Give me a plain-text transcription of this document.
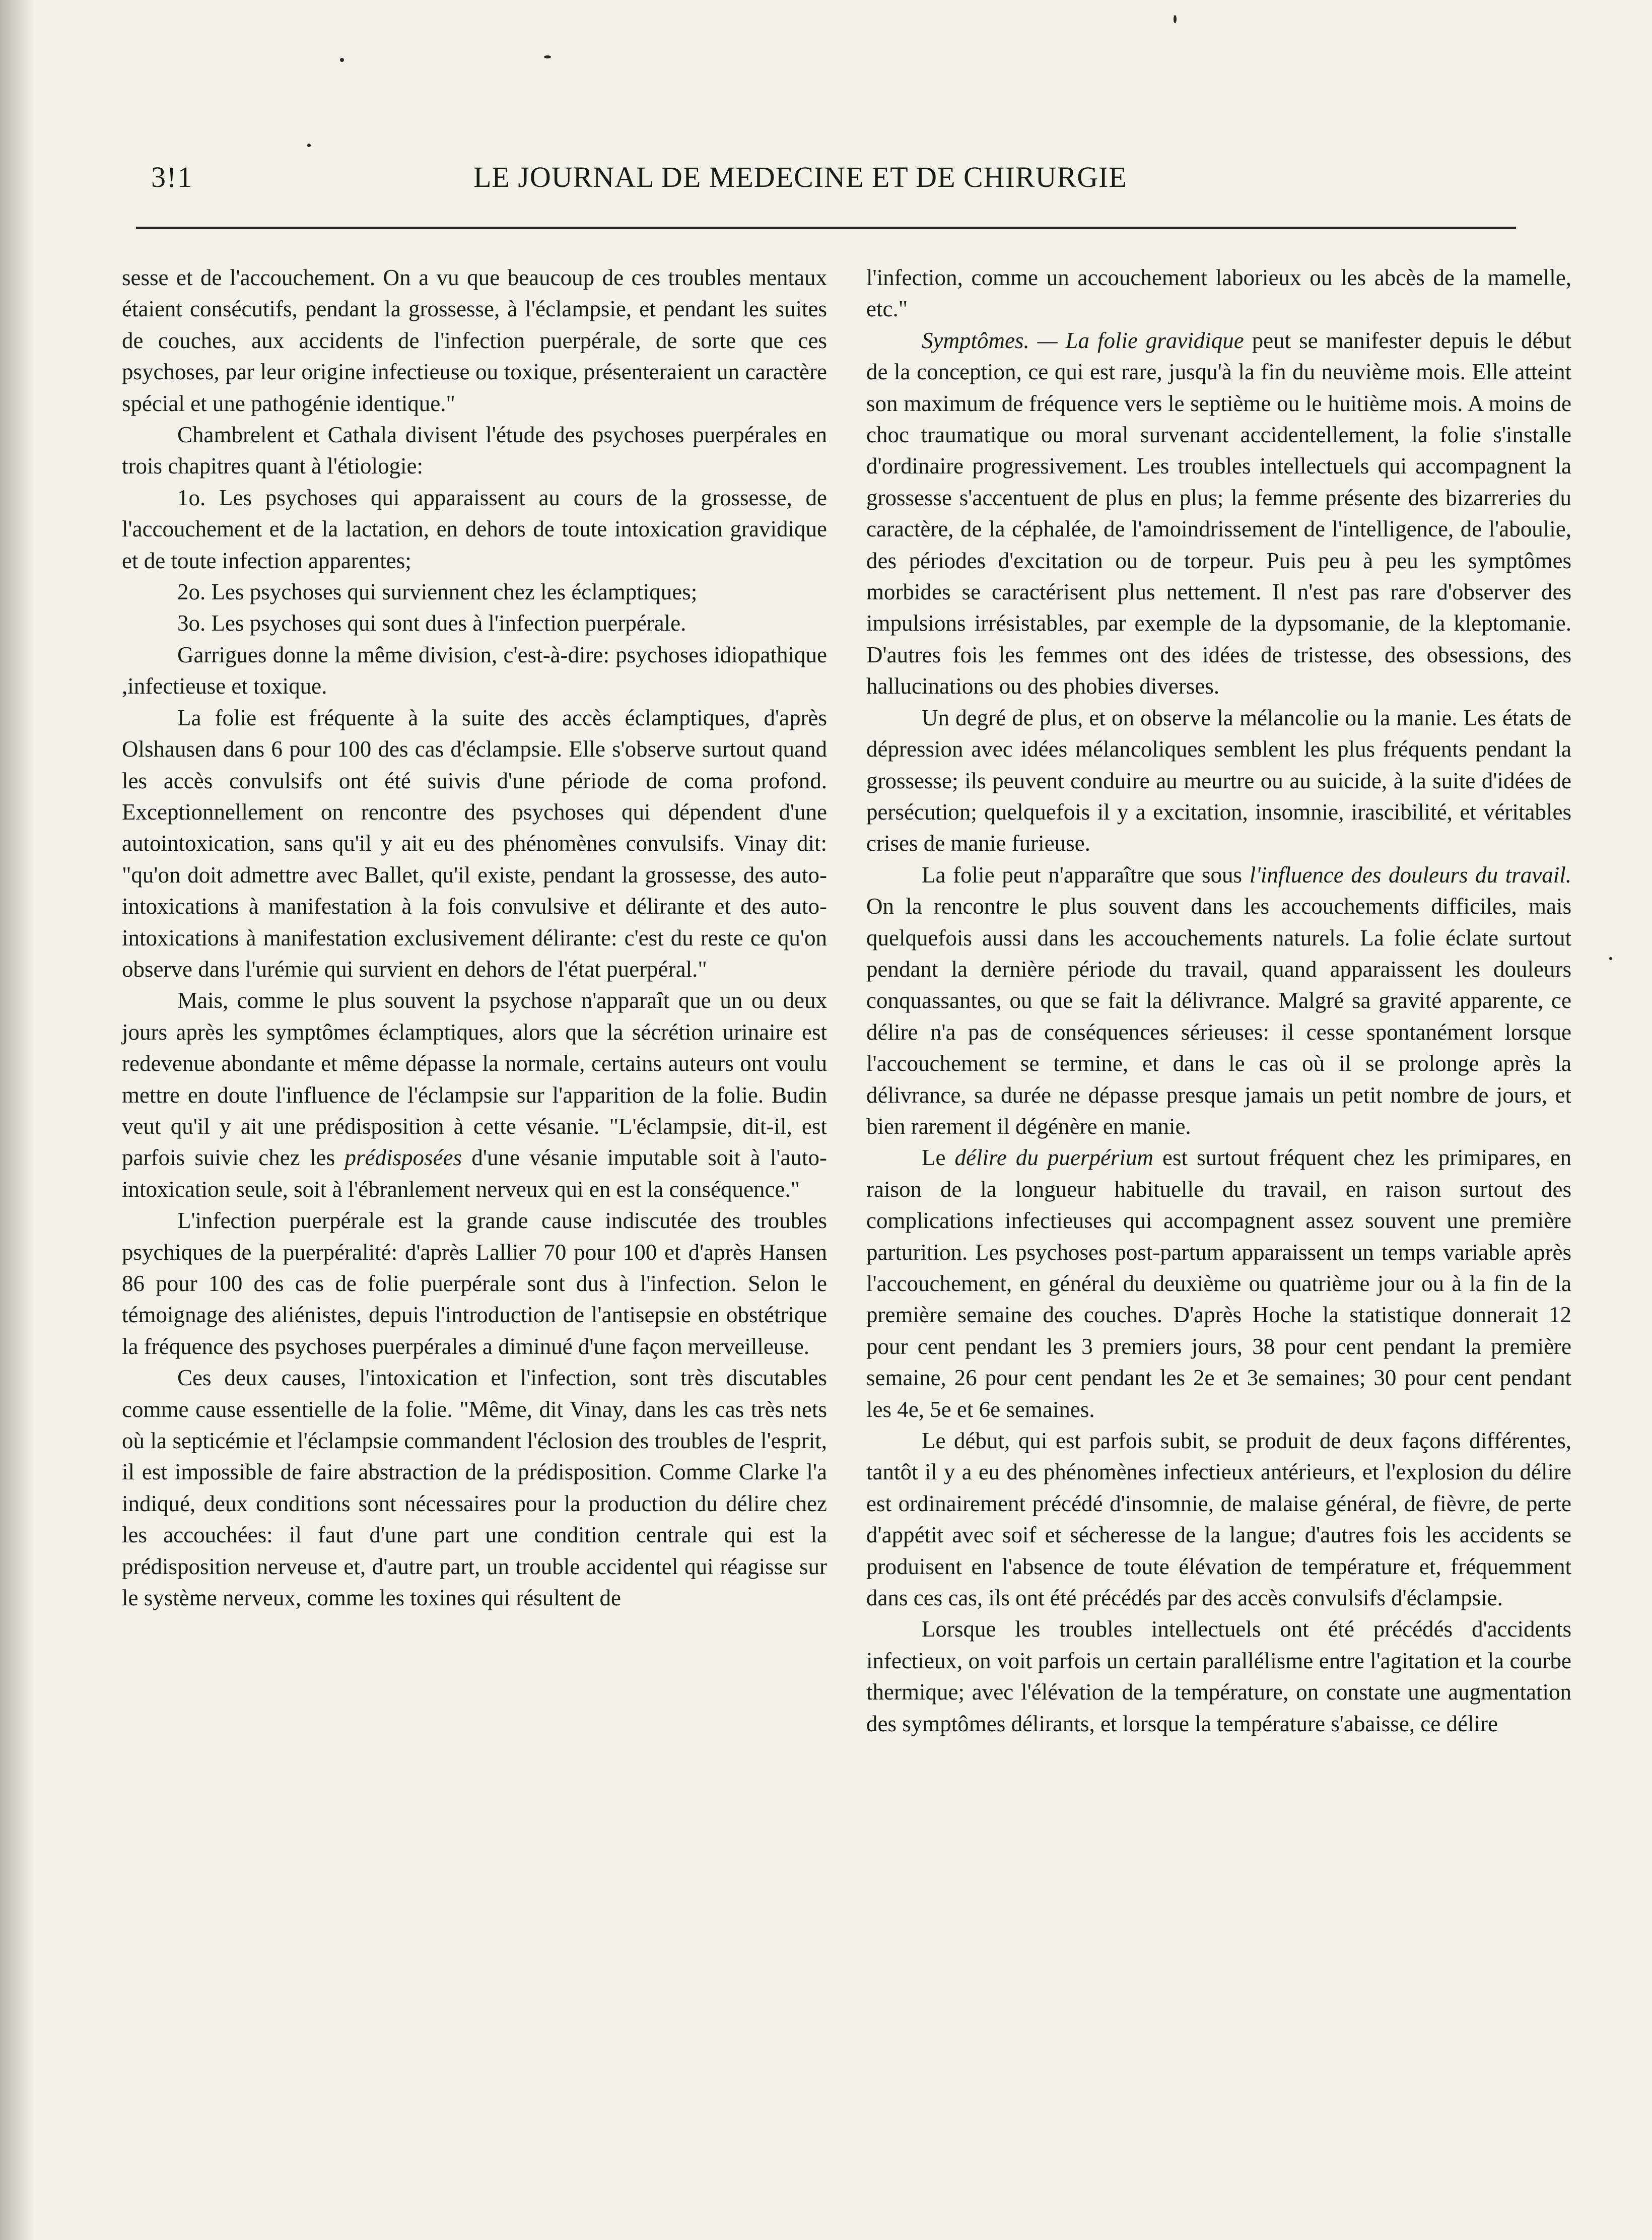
3!1	LE JOURNAL DE MEDECINE ET DE CHIRURGIE

sesse et de l'accouchement. On a vu que beaucoup de ces troubles mentaux étaient consécutifs, pendant la grossesse, à l'éclampsie, et pendant les suites de couches, aux accidents de l'infection puerpérale, de sorte que ces psychoses, par leur origine infectieuse ou toxique, présenteraient un caractère spécial et une pathogénie identique."

Chambrelent et Cathala divisent l'étude des psychoses puerpérales en trois chapitres quant à l'étiologie:

1o. Les psychoses qui apparaissent au cours de la grossesse, de l'accouchement et de la lactation, en dehors de toute intoxication gravidique et de toute infection apparentes;

2o. Les psychoses qui surviennent chez les éclamptiques;

3o. Les psychoses qui sont dues à l'infection puerpérale.

Garrigues donne la même division, c'est-à-dire: psychoses idiopathique ,infectieuse et toxique.

La folie est fréquente à la suite des accès éclamptiques, d'après Olshausen dans 6 pour 100 des cas d'éclampsie. Elle s'observe surtout quand les accès convulsifs ont été suivis d'une période de coma profond. Exceptionnellement on rencontre des psychoses qui dépendent d'une autointoxication, sans qu'il y ait eu des phénomènes convulsifs. Vinay dit: "qu'on doit admettre avec Ballet, qu'il existe, pendant la grossesse, des auto-intoxications à manifestation à la fois convulsive et délirante et des auto-intoxications à manifestation exclusivement délirante: c'est du reste ce qu'on observe dans l'urémie qui survient en dehors de l'état puerpéral."

Mais, comme le plus souvent la psychose n'apparaît que un ou deux jours après les symptômes éclamptiques, alors que la sécrétion urinaire est redevenue abondante et même dépasse la normale, certains auteurs ont voulu mettre en doute l'influence de l'éclampsie sur l'apparition de la folie. Budin veut qu'il y ait une prédisposition à cette vésanie. "L'éclampsie, dit-il, est parfois suivie chez les prédisposées d'une vésanie imputable soit à l'auto-intoxication seule, soit à l'ébranlement nerveux qui en est la conséquence."

L'infection puerpérale est la grande cause indiscutée des troubles psychiques de la puerpéralité: d'après Lallier 70 pour 100 et d'après Hansen 86 pour 100 des cas de folie puerpérale sont dus à l'infection. Selon le témoignage des aliénistes, depuis l'introduction de l'antisepsie en obstétrique la fréquence des psychoses puerpérales a diminué d'une façon merveilleuse.

Ces deux causes, l'intoxication et l'infection, sont très discutables comme cause essentielle de la folie. "Même, dit Vinay, dans les cas très nets où la septicémie et l'éclampsie commandent l'éclosion des troubles de l'esprit, il est impossible de faire abstraction de la prédisposition. Comme Clarke l'a indiqué, deux conditions sont nécessaires pour la production du délire chez les accouchées: il faut d'une part une condition centrale qui est la prédisposition nerveuse et, d'autre part, un trouble accidentel qui réagisse sur le système nerveux, comme les toxines qui résultent de

l'infection, comme un accouchement laborieux ou les abcès de la mamelle, etc."

Symptômes. — La folie gravidique peut se manifester depuis le début de la conception, ce qui est rare, jusqu'à la fin du neuvième mois. Elle atteint son maximum de fréquence vers le septième ou le huitième mois. A moins de choc traumatique ou moral survenant accidentellement, la folie s'installe d'ordinaire progressivement. Les troubles intellectuels qui accompagnent la grossesse s'accentuent de plus en plus; la femme présente des bizarreries du caractère, de la céphalée, de l'amoindrissement de l'intelligence, de l'aboulie, des périodes d'excitation ou de torpeur. Puis peu à peu les symptômes morbides se caractérisent plus nettement. Il n'est pas rare d'observer des impulsions irrésistables, par exemple de la dypsomanie, de la kleptomanie. D'autres fois les femmes ont des idées de tristesse, des obsessions, des hallucinations ou des phobies diverses.

Un degré de plus, et on observe la mélancolie ou la manie. Les états de dépression avec idées mélancoliques semblent les plus fréquents pendant la grossesse; ils peuvent conduire au meurtre ou au suicide, à la suite d'idées de persécution; quelquefois il y a excitation, insomnie, irascibilité, et véritables crises de manie furieuse.

La folie peut n'apparaître que sous l'influence des douleurs du travail. On la rencontre le plus souvent dans les accouchements difficiles, mais quelquefois aussi dans les accouchements naturels. La folie éclate surtout pendant la dernière période du travail, quand apparaissent les douleurs conquassantes, ou que se fait la délivrance. Malgré sa gravité apparente, ce délire n'a pas de conséquences sérieuses: il cesse spontanément lorsque l'accouchement se termine, et dans le cas où il se prolonge après la délivrance, sa durée ne dépasse presque jamais un petit nombre de jours, et bien rarement il dégénère en manie.

Le délire du puerpérium est surtout fréquent chez les primipares, en raison de la longueur habituelle du travail, en raison surtout des complications infectieuses qui accompagnent assez souvent une première parturition. Les psychoses post-partum apparaissent un temps variable après l'accouchement, en général du deuxième ou quatrième jour ou à la fin de la première semaine des couches. D'après Hoche la statistique donnerait 12 pour cent pendant les 3 premiers jours, 38 pour cent pendant la première semaine, 26 pour cent pendant les 2e et 3e semaines; 30 pour cent pendant les 4e, 5e et 6e semaines.

Le début, qui est parfois subit, se produit de deux façons différentes, tantôt il y a eu des phénomènes infectieux antérieurs, et l'explosion du délire est ordinairement précédé d'insomnie, de malaise général, de fièvre, de perte d'appétit avec soif et sécheresse de la langue; d'autres fois les accidents se produisent en l'absence de toute élévation de température et, fréquemment dans ces cas, ils ont été précédés par des accès convulsifs d'éclampsie.

Lorsque les troubles intellectuels ont été précédés d'accidents infectieux, on voit parfois un certain parallélisme entre l'agitation et la courbe thermique; avec l'élévation de la température, on constate une augmentation des symptômes délirants, et lorsque la température s'abaisse, ce délire
